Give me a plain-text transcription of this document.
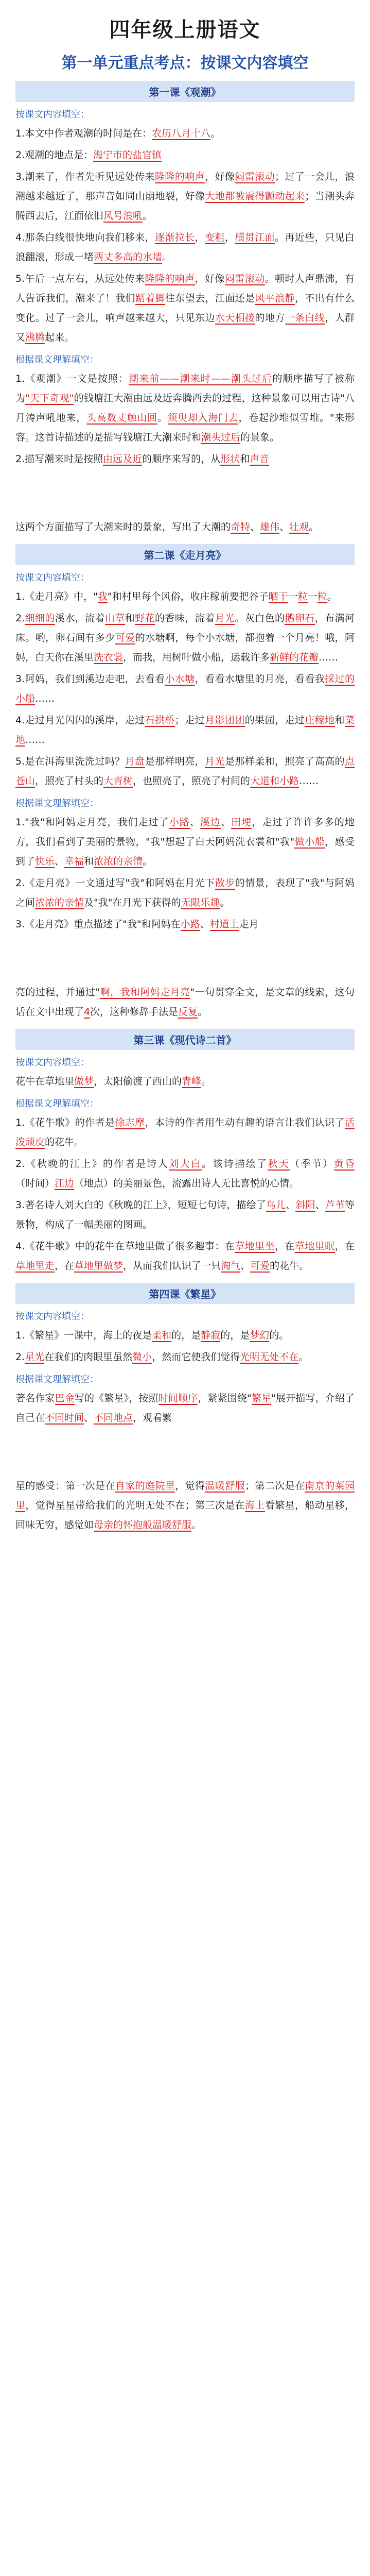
四年级上册语文
第一单元重点考点：按课文内容填空
第一课《观潮》
按课文内容填空：

1.本文中作者观潮的时间是在：农历八月十八。

2.观潮的地点是：海宁市的盐官镇

3.潮来了，作者先听见远处传来隆隆的响声，好像闷雷滚动；过了一会儿，浪潮越来越近了，那声音如同山崩地裂，好像大地都被震得颤动起来；当潮头奔腾西去后，江面依旧风号浪吼。

4.那条白线很快地向我们移来，逐渐拉长，变粗，横贯江面。再近些，只见白浪翻滚，形成一堵两丈多高的水墙。

5.午后一点左右，从远处传来隆隆的响声，好像闷雷滚动。顿时人声鼎沸，有人告诉我们，潮来了！我们踮着脚往东望去，江面还是风平浪静，不出有什么变化。过了一会儿，响声越来越大，只见东边水天相接的地方一条白线，人群又沸腾起来。

根据课文理解填空：

1.《观潮》一文是按照：潮来前——潮来时——潮头过后的顺序描写了被称为"天下奇观"的钱塘江大潮由远及近奔腾西去的过程，这种景象可以用古诗"八月涛声吼地来，头高数丈触山回。须臾却入海门去，卷起沙堆似雪堆。"来形容。这首诗描述的是描写钱塘江大潮来时和潮头过后的景象。

2.描写潮来时是按照由远及近的顺序来写的，从形状和声音

这两个方面描写了大潮来时的景象，写出了大潮的奇特、雄伟、壮观。

第二课《走月亮》
按课文内容填空：

1.《走月亮》中，"我"和村里每个风俗，收庄稼前要把谷子晒干一粒一粒。

2.细细的溪水，流着山草和野花的香味，流着月光。灰白色的鹅卵石，布满河床。哟，卵石间有多少可爱的水塘啊，每个小水塘，都抱着一个月亮！哦，阿妈，白天你在溪里洗衣裳，而我，用树叶做小船，运载许多新鲜的花瓣……

3.阿妈，我们到溪边走吧，去看看小水塘，看看水塘里的月亮，看看我採过的小船……

4.走过月光闪闪的溪岸，走过石拱桥；走过月影团团的果园，走过庄稼地和菜地……

5.是在洱海里洗洗过吗？月盘是那样明亮，月光是那样柔和，照亮了高高的点苍山，照亮了村头的大青树，也照亮了，照亮了村间的大道和小路……

根据课文理解填空：

1."我"和阿妈走月亮，我们走过了小路、溪边、田埂，走过了许许多多的地方，我们看到了美丽的景物，"我"想起了白天阿妈洗衣裳和"我"做小船，感受到了快乐、幸福和浓浓的亲情。

2.《走月亮》一文通过写"我"和阿妈在月光下散步的情景，表现了"我"与阿妈之间浓浓的亲情及"我"在月光下获得的无限乐趣。

3.《走月亮》重点描述了"我"和阿妈在小路、村道上走月

亮的过程，并通过"啊，我和阿妈走月亮"一句贯穿全文，是文章的线索，这句话在文中出现了4次，这种修辞手法是反复。

第三课《现代诗二首》
按课文内容填空：

花牛在草地里做梦，太阳偷渡了西山的青峰。

根据课文理解填空：

1.《花牛歌》的作者是徐志摩，本诗的作者用生动有趣的语言让我们认识了活泼顽皮的花牛。

2.《秋晚的江上》的作者是诗人刘大白。该诗描绘了秋天（季节）黄昏（时间）江边（地点）的美丽景色，流露出诗人无比喜悦的心情。

3.著名诗人刘大白的《秋晚的江上》，短短七句诗，描绘了鸟儿、斜阳、芦苇等景物，构成了一幅美丽的图画。

4.《花牛歌》中的花牛在草地里做了很多趣事：在草地里坐，在草地里眠，在草地里走，在草地里做梦，从而我们认识了一只淘气、可爱的花牛。

第四课《繁星》
按课文内容填空：

1.《繁星》一课中，海上的夜是柔和的，是静寂的，是梦幻的。

2.星光在我们的肉眼里虽然微小，然而它使我们觉得光明无处不在。

根据课文理解填空：

著名作家巴金写的《繁星》，按照时间顺序，紧紧围绕"繁星"展开描写，介绍了自己在不同时间、不同地点，观看繁

星的感受：第一次是在自家的庭院里，觉得温暖舒服；第二次是在南京的菜园里，觉得星星带给我们的光明无处不在；第三次是在海上看繁星，船动星移，回味无穷，感觉如母亲的怀抱般温暖舒服。
